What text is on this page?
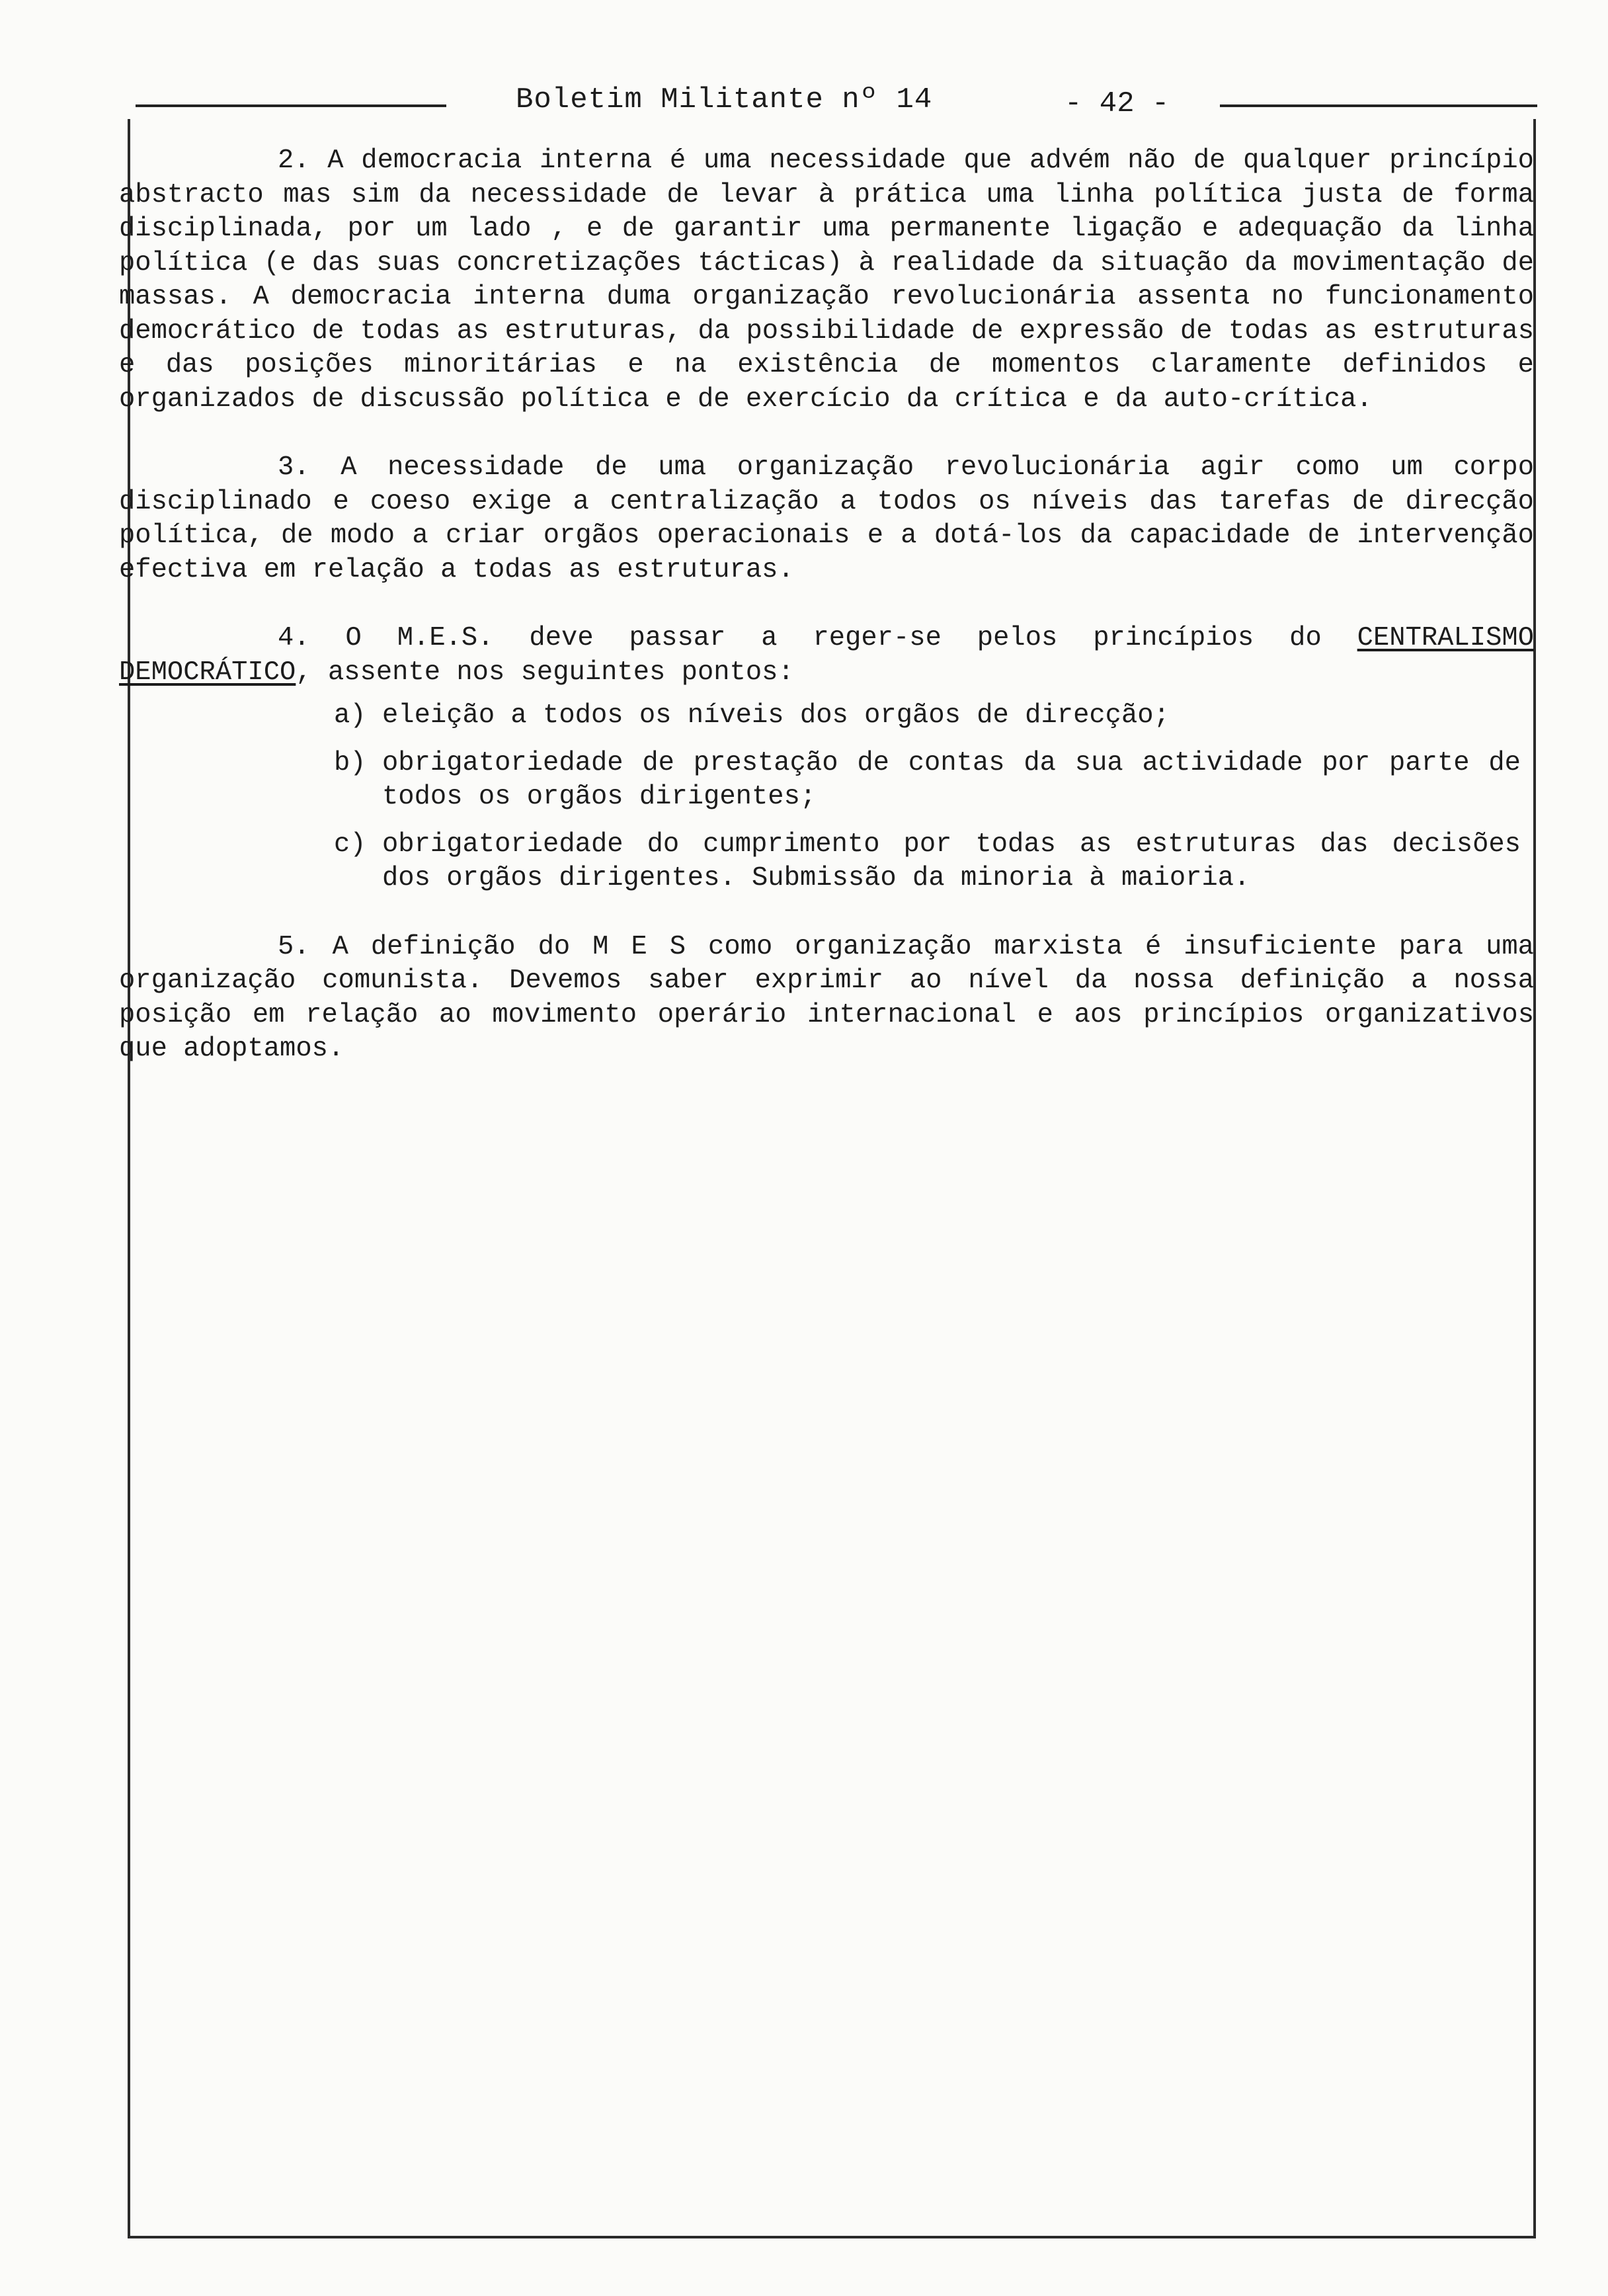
Boletim Militante nº 14	- 42 -

2. A democracia interna é uma necessidade que advém não de qualquer princípio abstracto mas sim da necessidade de levar à prática uma linha política justa de forma disciplinada, por um lado , e de garantir uma permanente ligação e adequação da linha política (e das suas concretizações tácticas) à realidade da situação da movimentação de massas. A democracia interna duma organização revolucionária assenta no funcionamento democrático de todas as estruturas, da possibilidade de expressão de todas as estruturas e das posições minoritárias e na existência de momentos claramente definidos e organizados de discussão política e de exercício da crítica e da auto-crítica.

3. A necessidade de uma organização revolucionária agir como um corpo disciplinado e coeso exige a centralização a todos os níveis das tarefas de direcção política, de modo a criar orgãos operacionais e a dotá-los da capacidade de intervenção efectiva em relação a todas as estruturas.

4. O M.E.S. deve passar a reger-se pelos princípios do CENTRALISMO DEMOCRÁTICO, assente nos seguintes pontos:

a) eleição a todos os níveis dos orgãos de direcção;
b) obrigatoriedade de prestação de contas da sua actividade por parte de todos os orgãos dirigentes;
c) obrigatoriedade do cumprimento por todas as estruturas das decisões dos orgãos dirigentes. Submissão da minoria à maioria.

5. A definição do M E S como organização marxista é insuficiente para uma organização comunista. Devemos saber exprimir ao nível da nossa definição a nossa posição em relação ao movimento operário internacional e aos princípios organizativos que adoptamos.
